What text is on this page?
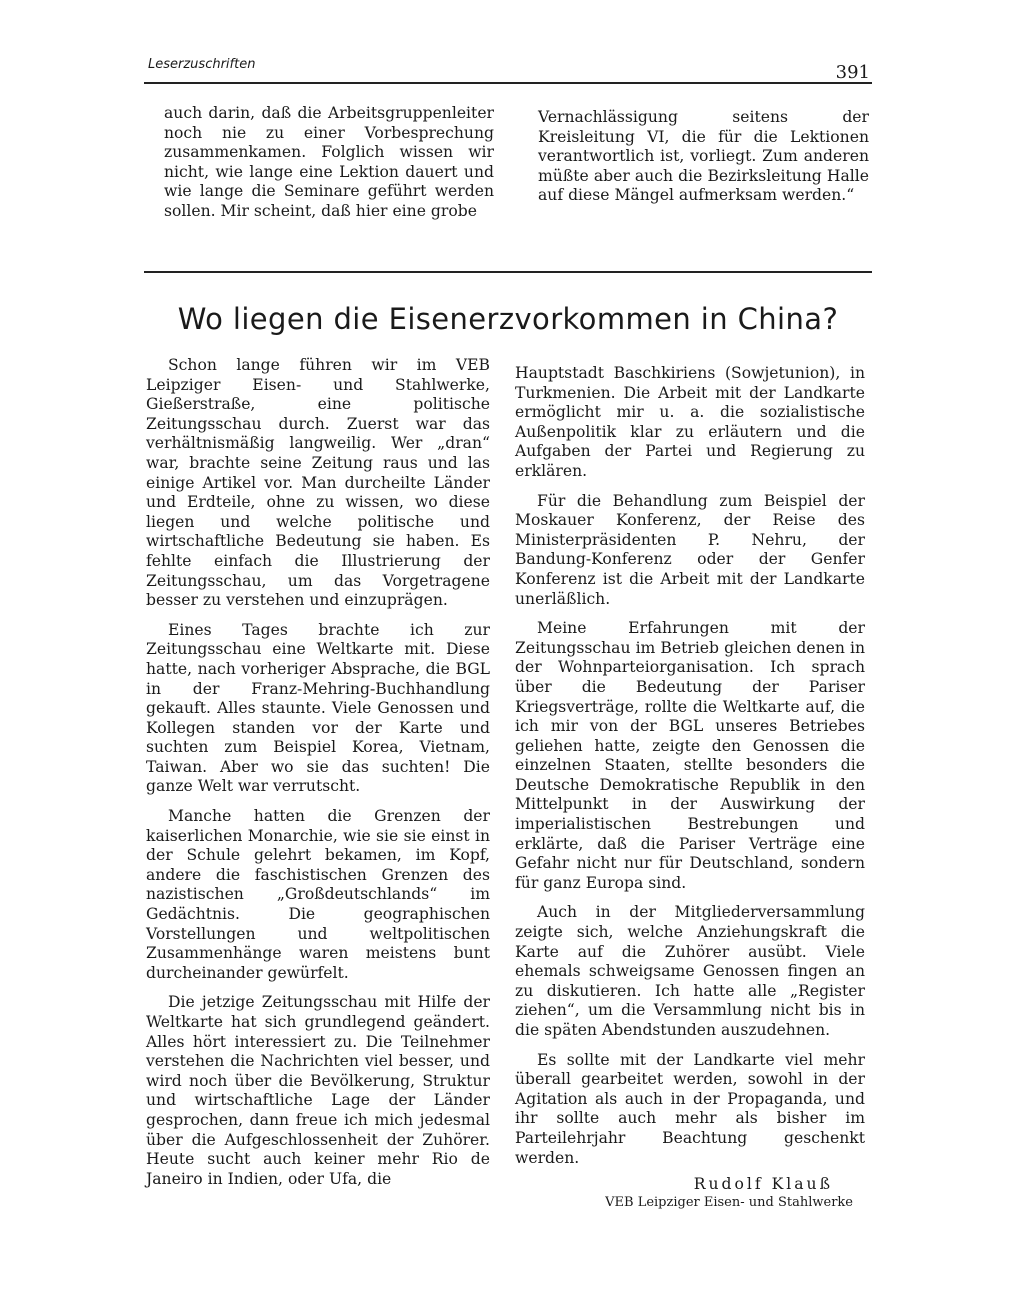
Leserzuschriften	391

auch darin, daß die Arbeitsgruppenleiter noch nie zu einer Vorbesprechung zusammenkamen. Folglich wissen wir nicht, wie lange eine Lektion dauert und wie lange die Seminare geführt werden sollen. Mir scheint, daß hier eine grobe

Vernachlässigung seitens der Kreisleitung VI, die für die Lektionen verantwortlich ist, vorliegt. Zum anderen müßte aber auch die Bezirksleitung Halle auf diese Mängel aufmerksam werden.“

Wo liegen die Eisenerzvorkommen in China?

Schon lange führen wir im VEB Leipziger Eisen- und Stahlwerke, Gießerstraße, eine politische Zeitungsschau durch. Zuerst war das verhältnismäßig langweilig. Wer „dran“ war, brachte seine Zeitung raus und las einige Artikel vor. Man durcheilte Länder und Erdteile, ohne zu wissen, wo diese liegen und welche politische und wirtschaftliche Bedeutung sie haben. Es fehlte einfach die Illustrierung der Zeitungsschau, um das Vorgetragene besser zu verstehen und einzuprägen.

Eines Tages brachte ich zur Zeitungsschau eine Weltkarte mit. Diese hatte, nach vorheriger Absprache, die BGL in der Franz-Mehring-Buchhandlung gekauft. Alles staunte. Viele Genossen und Kollegen standen vor der Karte und suchten zum Beispiel Korea, Vietnam, Taiwan. Aber wo sie das suchten! Die ganze Welt war verrutscht.

Manche hatten die Grenzen der kaiserlichen Monarchie, wie sie sie einst in der Schule gelehrt bekamen, im Kopf, andere die faschistischen Grenzen des nazistischen „Großdeutschlands“ im Gedächtnis. Die geographischen Vorstellungen und weltpolitischen Zusammenhänge waren meistens bunt durcheinander gewürfelt.

Die jetzige Zeitungsschau mit Hilfe der Weltkarte hat sich grundlegend geändert. Alles hört interessiert zu. Die Teilnehmer verstehen die Nachrichten viel besser, und wird noch über die Bevölkerung, Struktur und wirtschaftliche Lage der Länder gesprochen, dann freue ich mich jedesmal über die Aufgeschlossenheit der Zuhörer. Heute sucht auch keiner mehr Rio de Janeiro in Indien, oder Ufa, die

Hauptstadt Baschkiriens (Sowjetunion), in Turkmenien. Die Arbeit mit der Landkarte ermöglicht mir u. a. die sozialistische Außenpolitik klar zu erläutern und die Aufgaben der Partei und Regierung zu erklären.

Für die Behandlung zum Beispiel der Moskauer Konferenz, der Reise des Ministerpräsidenten P. Nehru, der Bandung-Konferenz oder der Genfer Konferenz ist die Arbeit mit der Landkarte unerläßlich.

Meine Erfahrungen mit der Zeitungsschau im Betrieb gleichen denen in der Wohnparteiorganisation. Ich sprach über die Bedeutung der Pariser Kriegsverträge, rollte die Weltkarte auf, die ich mir von der BGL unseres Betriebes geliehen hatte, zeigte den Genossen die einzelnen Staaten, stellte besonders die Deutsche Demokratische Republik in den Mittelpunkt in der Auswirkung der imperialistischen Bestrebungen und erklärte, daß die Pariser Verträge eine Gefahr nicht nur für Deutschland, sondern für ganz Europa sind.

Auch in der Mitgliederversammlung zeigte sich, welche Anziehungskraft die Karte auf die Zuhörer ausübt. Viele ehemals schweigsame Genossen fingen an zu diskutieren. Ich hatte alle „Register ziehen“, um die Versammlung nicht bis in die späten Abendstunden auszudehnen.

Es sollte mit der Landkarte viel mehr überall gearbeitet werden, sowohl in der Agitation als auch in der Propaganda, und ihr sollte auch mehr als bisher im Parteilehrjahr Beachtung geschenkt werden.

Rudolf Klauß
VEB Leipziger Eisen- und Stahlwerke
